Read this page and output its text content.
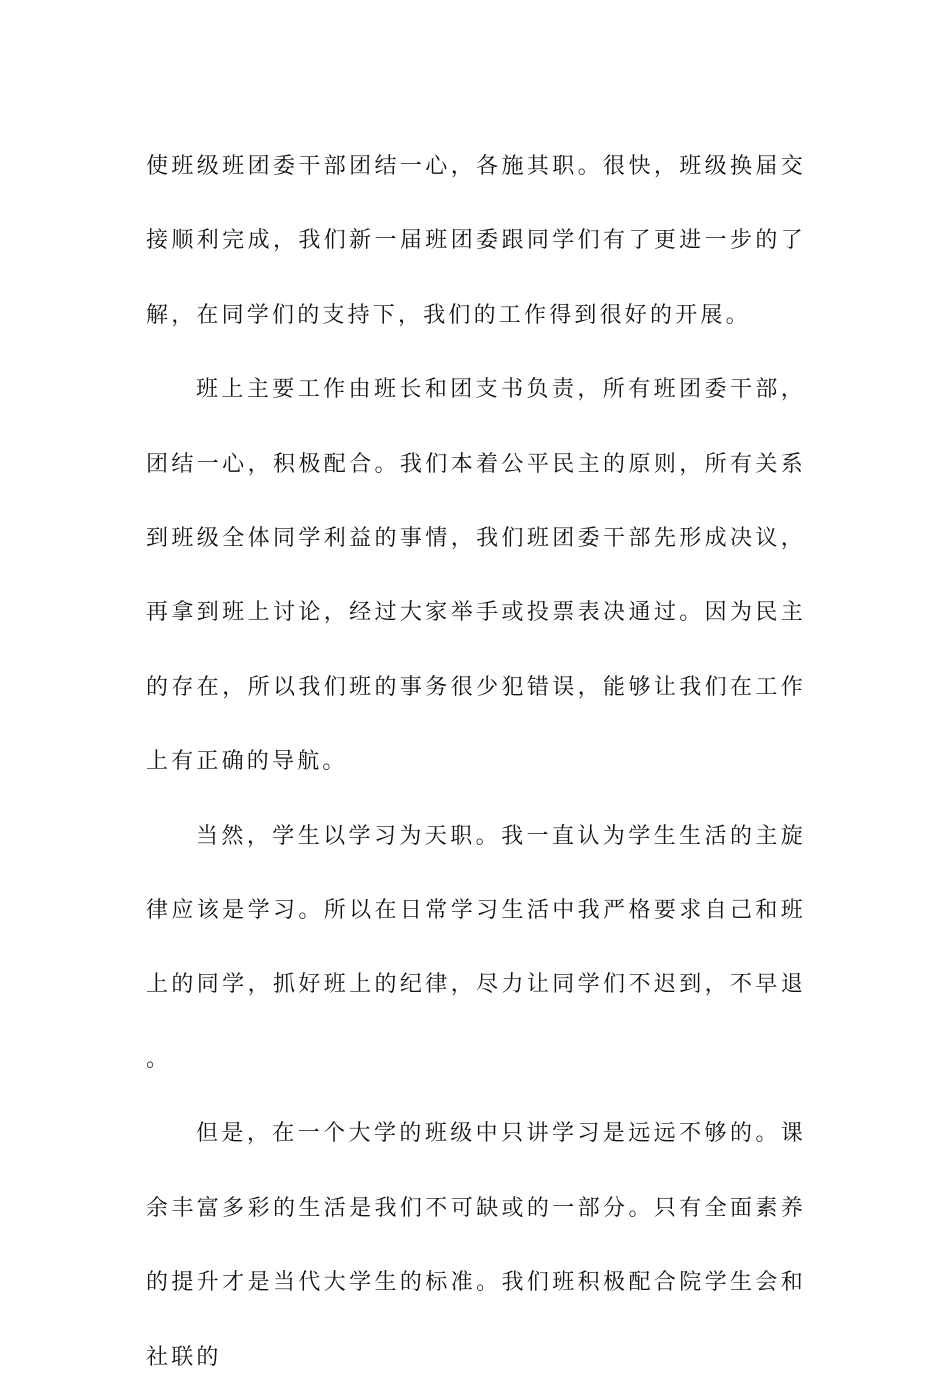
使班级班团委干部团结一心，各施其职。很快，班级换届交接顺利完成，我们新一届班团委跟同学们有了更进一步的了解，在同学们的支持下，我们的工作得到很好的开展。

班上主要工作由班长和团支书负责，所有班团委干部，团结一心，积极配合。我们本着公平民主的原则，所有关系到班级全体同学利益的事情，我们班团委干部先形成决议，再拿到班上讨论，经过大家举手或投票表决通过。因为民主的存在，所以我们班的事务很少犯错误，能够让我们在工作上有正确的导航。

当然，学生以学习为天职。我一直认为学生生活的主旋律应该是学习。所以在日常学习生活中我严格要求自己和班上的同学，抓好班上的纪律，尽力让同学们不迟到，不早退。

但是，在一个大学的班级中只讲学习是远远不够的。课余丰富多彩的生活是我们不可缺或的一部分。只有全面素养的提升才是当代大学生的标准。我们班积极配合院学生会和社联的
